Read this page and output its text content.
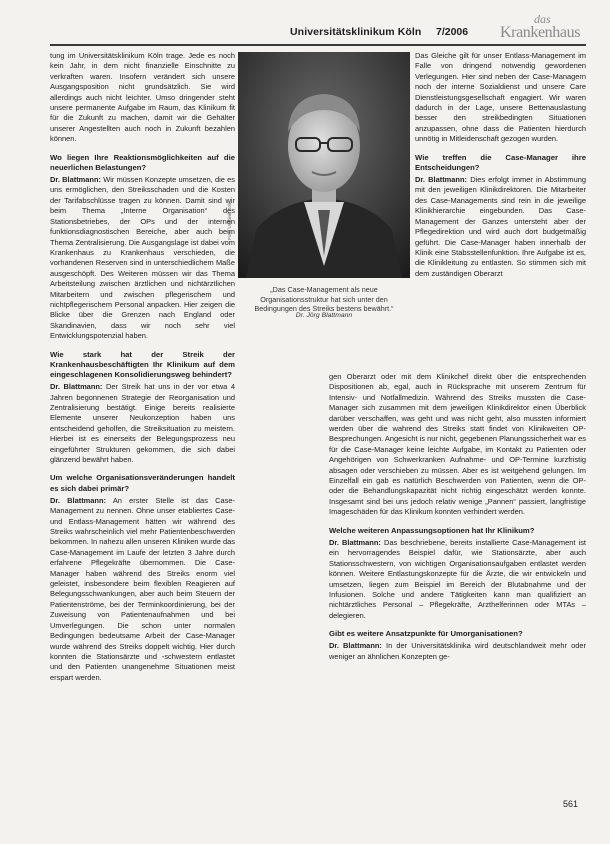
Universitätsklinikum Köln 7/2006
das
Krankenhaus

tung im Universitätsklinikum Köln trage. Jede es noch kein Jahr, in dem nicht finanzielle Einschnitte zu verkraften waren. Insofern verändert sich unsere Ausgangsposition nicht grundsätzlich. Sie wird allerdings auch nicht leichter. Umso dringender steht unsere permanente Aufgabe im Raum, das Klinikum fit für die Zukunft zu machen, damit wir die Gehälter unserer Angestellten auch noch in Zukunft bezahlen können.

Wo liegen Ihre Reaktionsmöglichkeiten auf die neuerlichen Belastungen?

Dr. Blattmann: Wir müssen Konzepte umsetzen, die es uns ermöglichen, den Streiksschaden und die Kosten der Tarifabschlüsse tragen zu können. Damit sind wir beim Thema „Interne Organisation“ des Stationsbetriebes, der OPs und der internen funktionsdiagnostischen Bereiche, aber auch beim Thema Zentralisierung. Die Ausgangslage ist dabei vom Krankenhaus zu Krankenhaus verschieden, die vorhandenen Reserven sind in unterschiedlichem Maße ausgeschöpft. Des Weiteren müssen wir das Thema Arbeitsteilung zwischen ärztlichen und nichtärztlichen Mitarbeitern und zwischen pflegerischem und nichtpflegerischem Personal anpacken. Hier zeigen die Blicke über die Grenzen nach England oder Skandinavien, dass wir noch sehr viel Entwicklungspotenzial haben.

Wie stark hat der Streik der Krankenhausbeschäftigten Ihr Klinikum auf dem eingeschlagenen Konsolidierungsweg behindert?

Dr. Blattmann: Der Streik hat uns in der vor etwa 4 Jahren begonnenen Strategie der Reorganisation und Zentralisierung bestätigt. Einige bereits realisierte Elemente unserer Neukonzeption haben uns entscheidend geholfen, die Streiksituation zu meistern. Hierbei ist es einerseits der Belegungsprozess neu eingeführter Strukturen gekommen, die sich dabei glänzend bewährt haben.

Um welche Organisationsveränderungen handelt es sich dabei primär?

Dr. Blattmann: An erster Stelle ist das Case-Management zu nennen. Ohne unser etabliertes Case- und Entlass-Management hätten wir während des Streiks wahrscheinlich viel mehr Patientenbeschwerden bekommen. In nahezu allen unseren Kliniken wurde das Case-Management im Laufe der letzten 3 Jahre durch erfahrene Pflegekräfte übernommen. Die Case-Manager haben während des Streiks enorm viel geleistet, insbesondere beim flexiblen Reagieren auf Belegungsschwankungen, aber auch beim Steuern der Patientenströme, bei der Terminkoordinierung, bei der Zuweisung von Patientenaufnahmen und bei Umverlegungen. Die schon unter normalen Bedingungen bedeutsame Arbeit der Case-Manager wurde während des Streiks doppelt wichtig. Hier durch konnten die Stationsärzte und -schwestern entlastet und den Patienten unangenehme Situationen meist erspart werden.

Foto: Uniklinik Köln
„Das Case-Management als neue Organisationsstruktur hat sich unter den Bedingungen des Streiks bestens bewährt.“
Dr. Jörg Blattmann

Das Gleiche gilt für unser Entlass-Management im Falle von dringend notwendig gewordenen Verlegungen. Hier sind neben der Case-Managern noch der interne Sozialdienst und unsere Care Dienstleistungsgesellschaft engagiert. Wir waren dadurch in der Lage, unsere Bettenauslastung besser den streikbedingten Situationen anzupassen, ohne dass die Patienten hierdurch unnötig in Mitleidenschaft gezogen wurden.

Wie treffen die Case-Manager ihre Entscheidungen?

Dr. Blattmann: Dies erfolgt immer in Abstimmung mit den jeweiligen Klinikdirektoren. Die Mitarbeiter des Case-Managements sind rein in die jeweilige Klinikhierarchie eingebunden. Das Case-Management der Ganzes untersteht aber der Pflegedirektion und wird auch dort budgetmäßig geführt. Die Case-Manager haben innerhalb der Klinik eine Stabsstellenfunktion. Ihre Aufgabe ist es, die Klinikleitung zu entlasten. So stimmen sich mit dem zuständigen Oberarzt

gen Oberarzt oder mit dem Klinikchef direkt über die entsprechenden Dispositionen ab, egal, auch in Rücksprache mit unserem Zentrum für Intensiv- und Notfallmedizin. Während des Streiks mussten die Case-Manager sich zusammen mit dem jeweiligen Klinikdirektor einen Überblick darüber verschaffen, was geht und was nicht geht, also mussten informiert werden über die wahrend des Streiks statt findet von Klinikweiten OP-Besprechungen. Angesicht is nur nicht, gegebenen Planungssicherheit war es für die Case-Manager keine leichte Aufgabe, im Kontakt zu Patienten oder Angehörigen von Schwerkranken Aufnahme- und OP-Termine kurzfristig absagen oder verschieben zu müssen. Aber es ist weitgehend gelungen. Im Einzelfall ein gab es natürlich Beschwerden von Patienten, wenn die OP- oder die Behandlungskapazität nicht richtig eingeschätzt werden konnte. Insgesamt sind bei uns jedoch relativ wenige „Pannen“ passiert, langfristige Imageschäden für das Klinikum konnten verhindert werden.

Welche weiteren Anpassungsoptionen hat Ihr Klinikum?

Dr. Blattmann: Das beschriebene, bereits installierte Case-Management ist ein hervorragendes Beispiel dafür, wie Stationsärzte, aber auch Stationsschwestern, von wichtigen Organisationsaufgaben entlastet werden können. Weitere Entlastungskonzepte für die Ärzte, die wir entwickeln und umsetzen, liegen zum Beispiel im Bereich der Blutabnahme und der Infusionen. Solche und andere Tätigkeiten kann man qualifiziert an nichtärztliches Personal – Pflegekräfte, Arzthelferinnen oder MTAs – delegieren.

Gibt es weitere Ansatzpunkte für Umorganisationen?

Dr. Blattmann: In der Universitätsklinika wird deutschlandweit mehr oder weniger an ähnlichen Konzepten ge-

561
